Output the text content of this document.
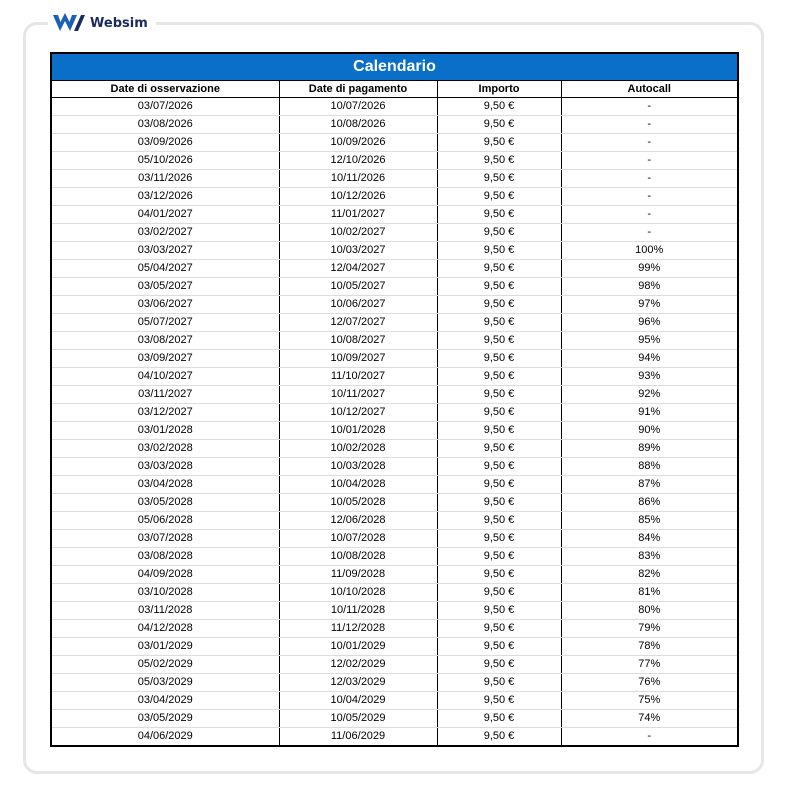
Websim
Calendario			
Date di osservazione	Date di pagamento	Importo	Autocall
03/07/2026	10/07/2026	9,50 €	-
03/08/2026	10/08/2026	9,50 €	-
03/09/2026	10/09/2026	9,50 €	-
05/10/2026	12/10/2026	9,50 €	-
03/11/2026	10/11/2026	9,50 €	-
03/12/2026	10/12/2026	9,50 €	-
04/01/2027	11/01/2027	9,50 €	-
03/02/2027	10/02/2027	9,50 €	-
03/03/2027	10/03/2027	9,50 €	100%
05/04/2027	12/04/2027	9,50 €	99%
03/05/2027	10/05/2027	9,50 €	98%
03/06/2027	10/06/2027	9,50 €	97%
05/07/2027	12/07/2027	9,50 €	96%
03/08/2027	10/08/2027	9,50 €	95%
03/09/2027	10/09/2027	9,50 €	94%
04/10/2027	11/10/2027	9,50 €	93%
03/11/2027	10/11/2027	9,50 €	92%
03/12/2027	10/12/2027	9,50 €	91%
03/01/2028	10/01/2028	9,50 €	90%
03/02/2028	10/02/2028	9,50 €	89%
03/03/2028	10/03/2028	9,50 €	88%
03/04/2028	10/04/2028	9,50 €	87%
03/05/2028	10/05/2028	9,50 €	86%
05/06/2028	12/06/2028	9,50 €	85%
03/07/2028	10/07/2028	9,50 €	84%
03/08/2028	10/08/2028	9,50 €	83%
04/09/2028	11/09/2028	9,50 €	82%
03/10/2028	10/10/2028	9,50 €	81%
03/11/2028	10/11/2028	9,50 €	80%
04/12/2028	11/12/2028	9,50 €	79%
03/01/2029	10/01/2029	9,50 €	78%
05/02/2029	12/02/2029	9,50 €	77%
05/03/2029	12/03/2029	9,50 €	76%
03/04/2029	10/04/2029	9,50 €	75%
03/05/2029	10/05/2029	9,50 €	74%
04/06/2029	11/06/2029	9,50 €	-
